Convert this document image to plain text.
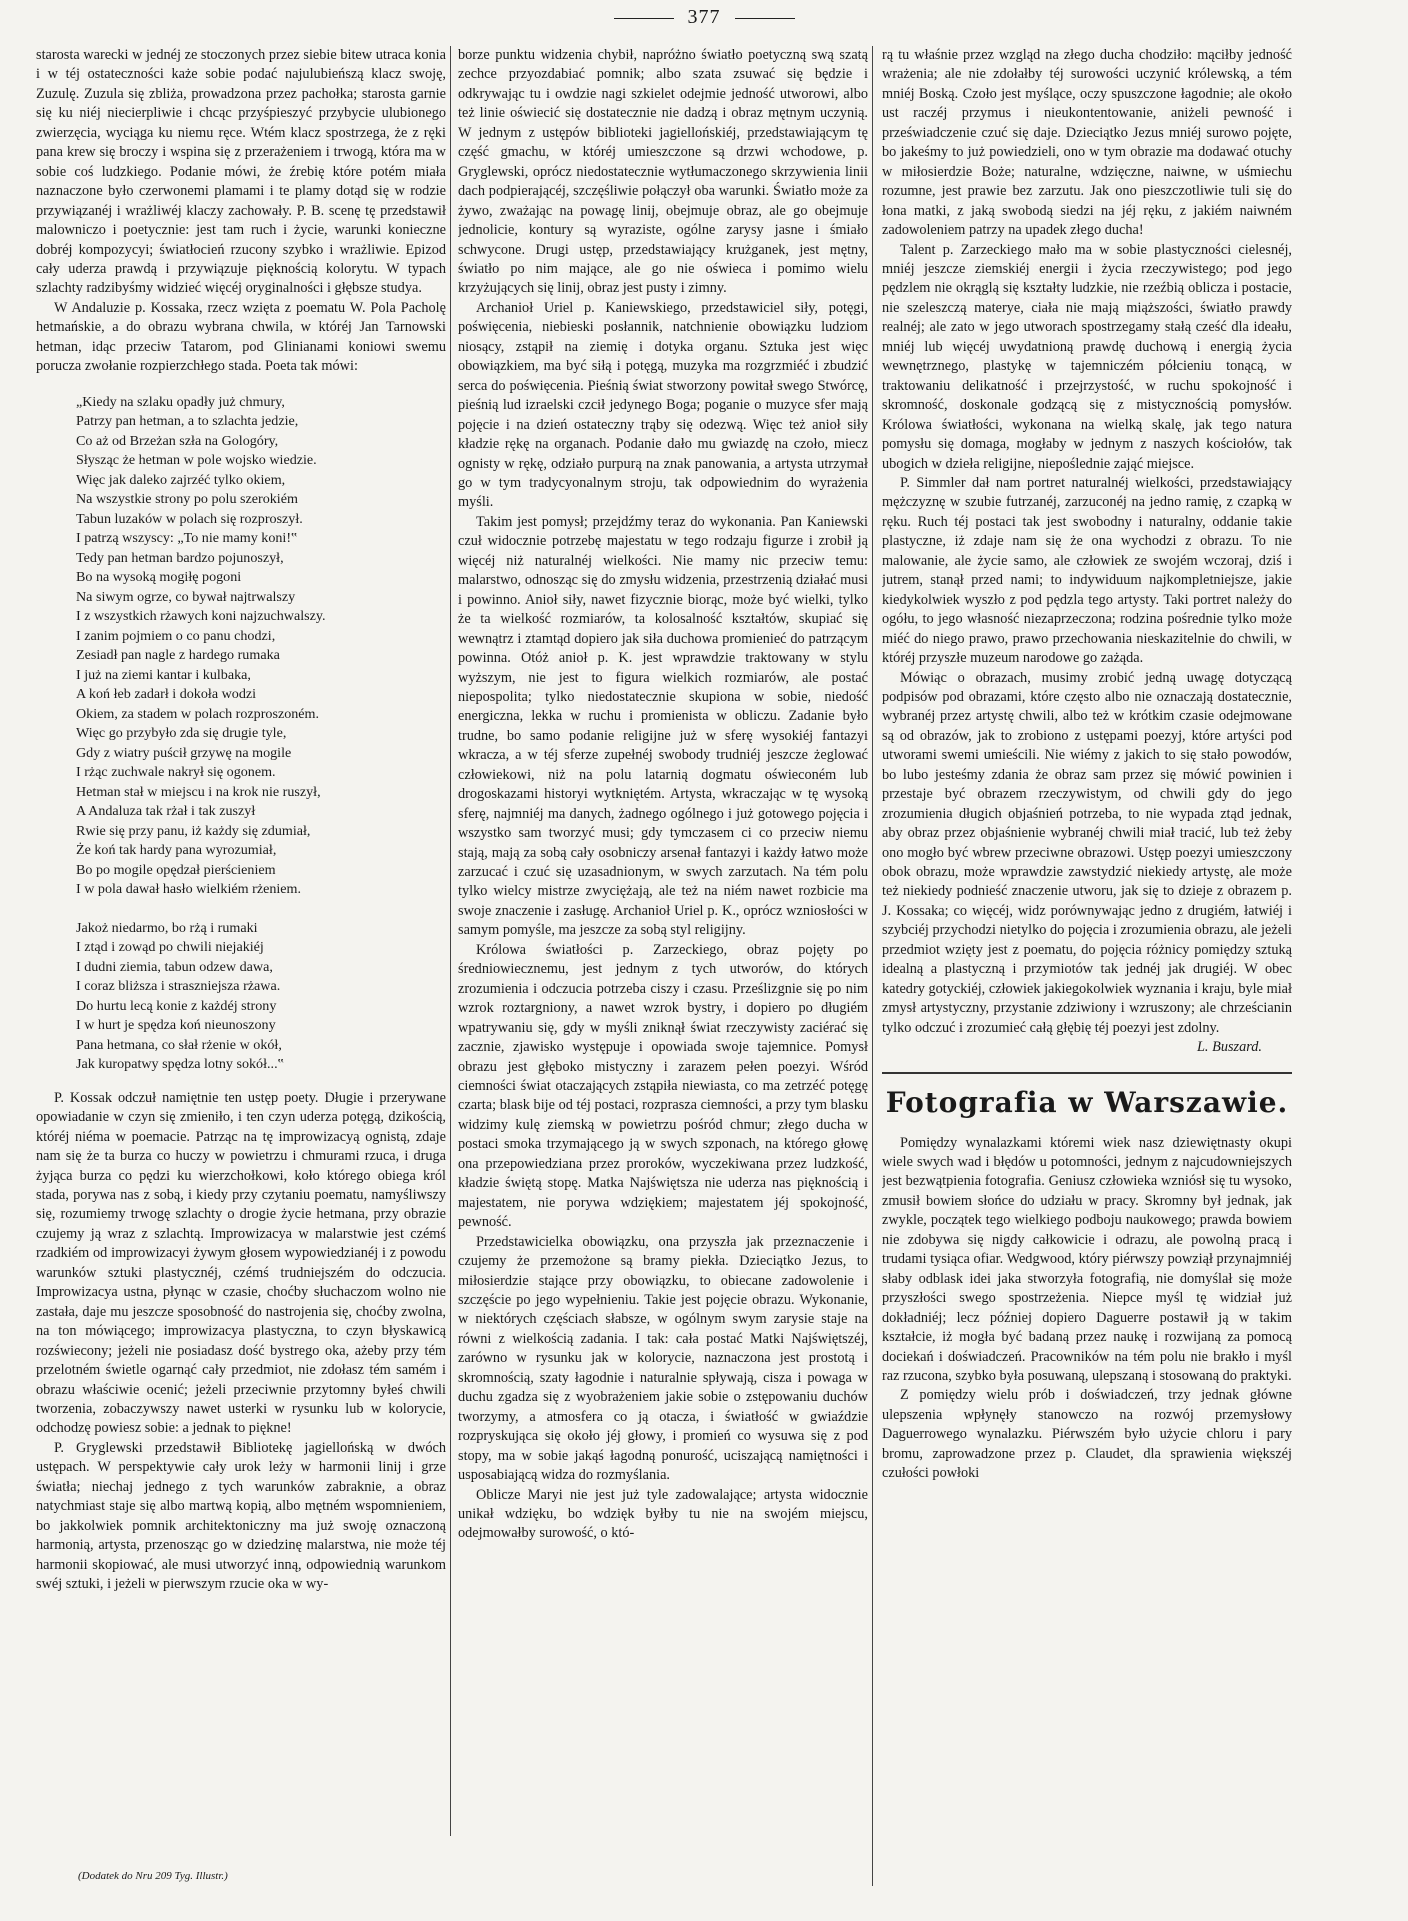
377

starosta warecki w jednéj ze stoczonych przez siebie bitew utraca konia i w téj ostateczności każe sobie podać najulubieńszą klacz swoję, Zuzulę. Zuzula się zbliża, prowadzona przez pachołka; starosta garnie się ku niéj niecierpliwie i chcąc przyśpieszyć przybycie ulubionego zwierzęcia, wyciąga ku niemu ręce. Wtém klacz spostrzega, że z ręki pana krew się broczy i wspina się z przerażeniem i trwogą, która ma w sobie coś ludzkiego. Podanie mówi, że źrebię które potém miała naznaczone było czerwonemi plamami i te plamy dotąd się w rodzie przywiązanéj i wrażliwéj klaczy zachowały. P. B. scenę tę przedstawił malowniczo i poetycznie: jest tam ruch i życie, warunki konieczne dobréj kompozycyi; światłocień rzucony szybko i wrażliwie. Epizod cały uderza prawdą i przywiązuje pięknością kolorytu. W typach szlachty radzibyśmy widzieć więcéj oryginalności i głębsze studya.

W Andaluzie p. Kossaka, rzecz wzięta z poematu W. Pola Pacholę hetmańskie, a do obrazu wybrana chwila, w któréj Jan Tarnowski hetman, idąc przeciw Tatarom, pod Glinianami koniowi swemu porucza zwołanie rozpierzchłego stada. Poeta tak mówi:

„Kiedy na szlaku opadły już chmury,
Patrzy pan hetman, a to szlachta jedzie,
Co aż od Brzeżan szła na Gologóry,
Słysząc że hetman w pole wojsko wiedzie.
Więc jak daleko zajrzéć tylko okiem,
Na wszystkie strony po polu szerokiém
Tabun luzaków w polach się rozproszył.
I patrzą wszyscy: „To nie mamy koni!‟
Tedy pan hetman bardzo pojunoszył,
Bo na wysoką mogiłę pogoni
Na siwym ogrze, co bywał najtrwalszy
I z wszystkich rżawych koni najzuchwalszy.
I zanim pojmiem o co panu chodzi,
Zesiadł pan nagle z hardego rumaka
I już na ziemi kantar i kulbaka,
A koń łeb zadarł i dokoła wodzi
Okiem, za stadem w polach rozproszoném.
Więc go przybyło zda się drugie tyle,
Gdy z wiatry puścił grzywę na mogile
I rżąc zuchwale nakrył się ogonem.
Hetman stał w miejscu i na krok nie ruszył,
A Andaluza tak rżał i tak zuszył
Rwie się przy panu, iż każdy się zdumiał,
Że koń tak hardy pana wyrozumiał,
Bo po mogile opędzał pierścieniem
I w pola dawał hasło wielkiém rżeniem.
Jakoż niedarmo, bo rżą i rumaki
I ztąd i zowąd po chwili niejakiéj
I dudni ziemia, tabun odzew dawa,
I coraz bliższa i straszniejsza rżawa.
Do hurtu lecą konie z każdéj strony
I w hurt je spędza koń nieunoszony
Pana hetmana, co słał rżenie w okół,
Jak kuropatwy spędza lotny sokół...‟

P. Kossak odczuł namiętnie ten ustęp poety. Długie i przerywane opowiadanie w czyn się zmieniło, i ten czyn uderza potęgą, dzikością, któréj niéma w poemacie. Patrząc na tę improwizacyą ognistą, zdaje nam się że ta burza co huczy w powietrzu i chmurami rzuca, i druga żyjąca burza co pędzi ku wierzchołkowi, koło którego obiega król stada, porywa nas z sobą, i kiedy przy czytaniu poematu, namyśliwszy się, rozumiemy trwogę szlachty o drogie życie hetmana, przy obrazie czujemy ją wraz z szlachtą. Improwizacya w malarstwie jest czémś rzadkiém od improwizacyi żywym głosem wypowiedzianéj i z powodu warunków sztuki plastycznéj, czémś trudniejszém do odczucia. Improwizacya ustna, płynąc w czasie, choćby słuchaczom wolno nie zastała, daje mu jeszcze sposobność do nastrojenia się, choćby zwolna, na ton mówiącego; improwizacya plastyczna, to czyn błyskawicą rozświecony; jeżeli nie posiadasz dość bystrego oka, ażeby przy tém przelotném świetle ogarnąć cały przedmiot, nie zdołasz tém samém i obrazu właściwie ocenić; jeżeli przeciwnie przytomny byłeś chwili tworzenia, zobaczywszy nawet usterki w rysunku lub w kolorycie, odchodzę powiesz sobie: a jednak to piękne!

P. Gryglewski przedstawił Bibliotekę jagiellońską w dwóch ustępach. W perspektywie cały urok leży w harmonii linij i grze światła; niechaj jednego z tych warunków zabraknie, a obraz natychmiast staje się albo martwą kopią, albo mętném wspomnieniem, bo jakkolwiek pomnik architektoniczny ma już swoję oznaczoną harmonią, artysta, przenosząc go w dziedzinę malarstwa, nie może téj harmonii skopiować, ale musi utworzyć inną, odpowiednią warunkom swéj sztuki, i jeżeli w pierwszym rzucie oka w wy-

borze punktu widzenia chybił, napróżno światło poetyczną swą szatą zechce przyozdabiać pomnik; albo szata zsuwać się będzie i odkrywając tu i owdzie nagi szkielet odejmie jedność utworowi, albo też linie oświecić się dostatecznie nie dadzą i obraz mętnym uczynią. W jednym z ustępów biblioteki jagiellońskiéj, przedstawiającym tę część gmachu, w któréj umieszczone są drzwi wchodowe, p. Gryglewski, oprócz niedostatecznie wytłumaczonego skrzywienia linii dach podpierającéj, szczęśliwie połączył oba warunki. Światło może za żywo, zważając na powagę linij, obejmuje obraz, ale go obejmuje jednolicie, kontury są wyraziste, ogólne zarysy jasne i śmiało schwycone. Drugi ustęp, przedstawiający krużganek, jest mętny, światło po nim mające, ale go nie oświeca i pomimo wielu krzyżujących się linij, obraz jest pusty i zimny.

Archanioł Uriel p. Kaniewskiego, przedstawiciel siły, potęgi, poświęcenia, niebieski posłannik, natchnienie obowiązku ludziom niosący, zstąpił na ziemię i dotyka organu. Sztuka jest więc obowiązkiem, ma być siłą i potęgą, muzyka ma rozgrzmiéć i zbudzić serca do poświęcenia. Pieśnią świat stworzony powitał swego Stwórcę, pieśnią lud izraelski czcił jedynego Boga; poganie o muzyce sfer mają pojęcie i na dzień ostateczny trąby się odezwą. Więc też anioł siły kładzie rękę na organach. Podanie dało mu gwiazdę na czoło, miecz ognisty w rękę, odziało purpurą na znak panowania, a artysta utrzymał go w tym tradycyonalnym stroju, tak odpowiednim do wyrażenia myśli.

Takim jest pomysł; przejdźmy teraz do wykonania. Pan Kaniewski czuł widocznie potrzebę majestatu w tego rodzaju figurze i zrobił ją więcéj niż naturalnéj wielkości. Nie mamy nic przeciw temu: malarstwo, odnosząc się do zmysłu widzenia, przestrzenią działać musi i powinno. Anioł siły, nawet fizycznie biorąc, może być wielki, tylko że ta wielkość rozmiarów, ta kolosalność kształtów, skupiać się wewnątrz i ztamtąd dopiero jak siła duchowa promienieć do patrzącym powinna. Otóż anioł p. K. jest wprawdzie traktowany w stylu wyższym, nie jest to figura wielkich rozmiarów, ale postać niepospolita; tylko niedostatecznie skupiona w sobie, niedość energiczna, lekka w ruchu i promienista w obliczu. Zadanie było trudne, bo samo podanie religijne już w sferę wysokiéj fantazyi wkracza, a w téj sferze zupełnéj swobody trudniéj jeszcze żeglować człowiekowi, niż na polu latarnią dogmatu oświeconém lub drogoskazami historyi wytkniętém. Artysta, wkraczając w tę wysoką sferę, najmniéj ma danych, żadnego ogólnego i już gotowego pojęcia i wszystko sam tworzyć musi; gdy tymczasem ci co przeciw niemu stają, mają za sobą cały osobniczy arsenał fantazyi i każdy łatwo może zarzucać i czuć się uzasadnionym, w swych zarzutach. Na tém polu tylko wielcy mistrze zwyciężają, ale też na niém nawet rozbicie ma swoje znaczenie i zasługę. Archanioł Uriel p. K., oprócz wzniosłości w samym pomyśle, ma jeszcze za sobą styl religijny.

Królowa światłości p. Zarzeckiego, obraz pojęty po średniowiecznemu, jest jednym z tych utworów, do których zrozumienia i odczucia potrzeba ciszy i czasu. Prześlizgnie się po nim wzrok roztargniony, a nawet wzrok bystry, i dopiero po długiém wpatrywaniu się, gdy w myśli zniknął świat rzeczywisty zaciérać się zacznie, zjawisko występuje i opowiada swoje tajemnice. Pomysł obrazu jest głęboko mistyczny i zarazem pełen poezyi. Wśród ciemności świat otaczających zstąpiła niewiasta, co ma zetrzéć potęgę czarta; blask bije od téj postaci, rozprasza ciemności, a przy tym blasku widzimy kulę ziemską w powietrzu pośród chmur; złego ducha w postaci smoka trzymającego ją w swych szponach, na którego głowę ona przepowiedziana przez proroków, wyczekiwana przez ludzkość, kładzie świętą stopę. Matka Najświętsza nie uderza nas pięknością i majestatem, nie porywa wdziękiem; majestatem jéj spokojność, pewność.

Przedstawicielka obowiązku, ona przyszła jak przeznaczenie i czujemy że przemożone są bramy piekła. Dzieciątko Jezus, to miłosierdzie stające przy obowiązku, to obiecane zadowolenie i szczęście po jego wypełnieniu. Takie jest pojęcie obrazu. Wykonanie, w niektórych częściach słabsze, w ogólnym swym zarysie staje na równi z wielkością zadania. I tak: cała postać Matki Najświętszéj, zarówno w rysunku jak w kolorycie, naznaczona jest prostotą i skromnością, szaty łagodnie i naturalnie spływają, cisza i powaga w duchu zgadza się z wyobrażeniem jakie sobie o zstępowaniu duchów tworzymy, a atmosfera co ją otacza, i światłość w gwiaździe rozpryskująca się około jéj głowy, i promień co wysuwa się z pod stopy, ma w sobie jakąś łagodną ponurość, uciszającą namiętności i usposabiającą widza do rozmyślania.

Oblicze Maryi nie jest już tyle zadowalające; artysta widocznie unikał wdzięku, bo wdzięk byłby tu nie na swojém miejscu, odejmowałby surowość, o któ-

rą tu właśnie przez wzgląd na złego ducha chodziło: mąciłby jedność wrażenia; ale nie zdołałby téj surowości uczynić królewską, a tém mniéj Boską. Czoło jest myślące, oczy spuszczone łagodnie; ale około ust raczéj przymus i nieukontentowanie, aniżeli pewność i przeświadczenie czuć się daje. Dzieciątko Jezus mniéj surowo pojęte, bo jakeśmy to już powiedzieli, ono w tym obrazie ma dodawać otuchy w miłosierdzie Boże; naturalne, wdzięczne, naiwne, w uśmiechu rozumne, jest prawie bez zarzutu. Jak ono pieszczotliwie tuli się do łona matki, z jaką swobodą siedzi na jéj ręku, z jakiém naiwném zadowoleniem patrzy na upadek złego ducha!

Talent p. Zarzeckiego mało ma w sobie plastyczności cielesnéj, mniéj jeszcze ziemskiéj energii i życia rzeczywistego; pod jego pędzlem nie okrąglą się kształty ludzkie, nie rzeźbią oblicza i postacie, nie szeleszczą materye, ciała nie mają miąższości, światło prawdy realnéj; ale zato w jego utworach spostrzegamy stałą cześć dla ideału, mniéj lub więcéj uwydatnioną prawdę duchową i energią życia wewnętrznego, plastykę w tajemniczém półcieniu tonącą, w traktowaniu delikatność i przejrzystość, w ruchu spokojność i skromność, doskonale godzącą się z mistycznością pomysłów. Królowa światłości, wykonana na wielką skalę, jak tego natura pomysłu się domaga, mogłaby w jednym z naszych kościołów, tak ubogich w dzieła religijne, niepoślednie zająć miejsce.

P. Simmler dał nam portret naturalnéj wielkości, przedstawiający mężczyznę w szubie futrzanéj, zarzuconéj na jedno ramię, z czapką w ręku. Ruch téj postaci tak jest swobodny i naturalny, oddanie takie plastyczne, iż zdaje nam się że ona wychodzi z obrazu. To nie malowanie, ale życie samo, ale człowiek ze swojém wczoraj, dziś i jutrem, stanął przed nami; to indywiduum najkompletniejsze, jakie kiedykolwiek wyszło z pod pędzla tego artysty. Taki portret należy do ogółu, to jego własność niezaprzeczona; rodzina pośrednie tylko może miéć do niego prawo, prawo przechowania nieskazitelnie do chwili, w któréj przyszłe muzeum narodowe go zażąda.

Mówiąc o obrazach, musimy zrobić jedną uwagę dotyczącą podpisów pod obrazami, które często albo nie oznaczają dostatecznie, wybranéj przez artystę chwili, albo też w krótkim czasie odejmowane są od obrazów, jak to zrobiono z ustępami poezyj, które artyści pod utworami swemi umieścili. Nie wiémy z jakich to się stało powodów, bo lubo jesteśmy zdania że obraz sam przez się mówić powinien i przestaje być obrazem rzeczywistym, od chwili gdy do jego zrozumienia długich objaśnień potrzeba, to nie wypada ztąd jednak, aby obraz przez objaśnienie wybranéj chwili miał tracić, lub też żeby ono mogło być wbrew przeciwne obrazowi. Ustęp poezyi umieszczony obok obrazu, może wprawdzie zawstydzić niekiedy artystę, ale może też niekiedy podnieść znaczenie utworu, jak się to dzieje z obrazem p. J. Kossaka; co więcéj, widz porównywając jedno z drugiém, łatwiéj i szybciéj przychodzi nietylko do pojęcia i zrozumienia obrazu, ale jeżeli przedmiot wzięty jest z poematu, do pojęcia różnicy pomiędzy sztuką idealną a plastyczną i przymiotów tak jednéj jak drugiéj. W obec katedry gotyckiéj, człowiek jakiegokolwiek wyznania i kraju, byle miał zmysł artystyczny, przystanie zdziwiony i wzruszony; ale chrześcianin tylko odczuć i zrozumieć całą głębię téj poezyi jest zdolny.

L. Buszard.
Fotografia w Warszawie.

Pomiędzy wynalazkami któremi wiek nasz dziewiętnasty okupi wiele swych wad i błędów u potomności, jednym z najcudowniejszych jest bezwątpienia fotografia. Geniusz człowieka wzniósł się tu wysoko, zmusił bowiem słońce do udziału w pracy. Skromny był jednak, jak zwykle, początek tego wielkiego podboju naukowego; prawda bowiem nie zdobywa się nigdy całkowicie i odrazu, ale powolną pracą i trudami tysiąca ofiar. Wedgwood, który piérwszy powziął przynajmniéj słaby odblask idei jaka stworzyła fotografią, nie domyślał się może przyszłości swego spostrzeżenia. Niepce myśl tę widział już dokładniéj; lecz później dopiero Daguerre postawił ją w takim kształcie, iż mogła być badaną przez naukę i rozwijaną za pomocą dociekań i doświadczeń. Pracowników na tém polu nie brakło i myśl raz rzucona, szybko była posuwaną, ulepszaną i stosowaną do praktyki.

Z pomiędzy wielu prób i doświadczeń, trzy jednak główne ulepszenia wpłynęły stanowczo na rozwój przemysłowy Daguerrowego wynalazku. Piérwszém było użycie chloru i pary bromu, zaprowadzone przez p. Claudet, dla sprawienia większéj czułości powłoki

(Dodatek do Nru 209 Tyg. Illustr.)
